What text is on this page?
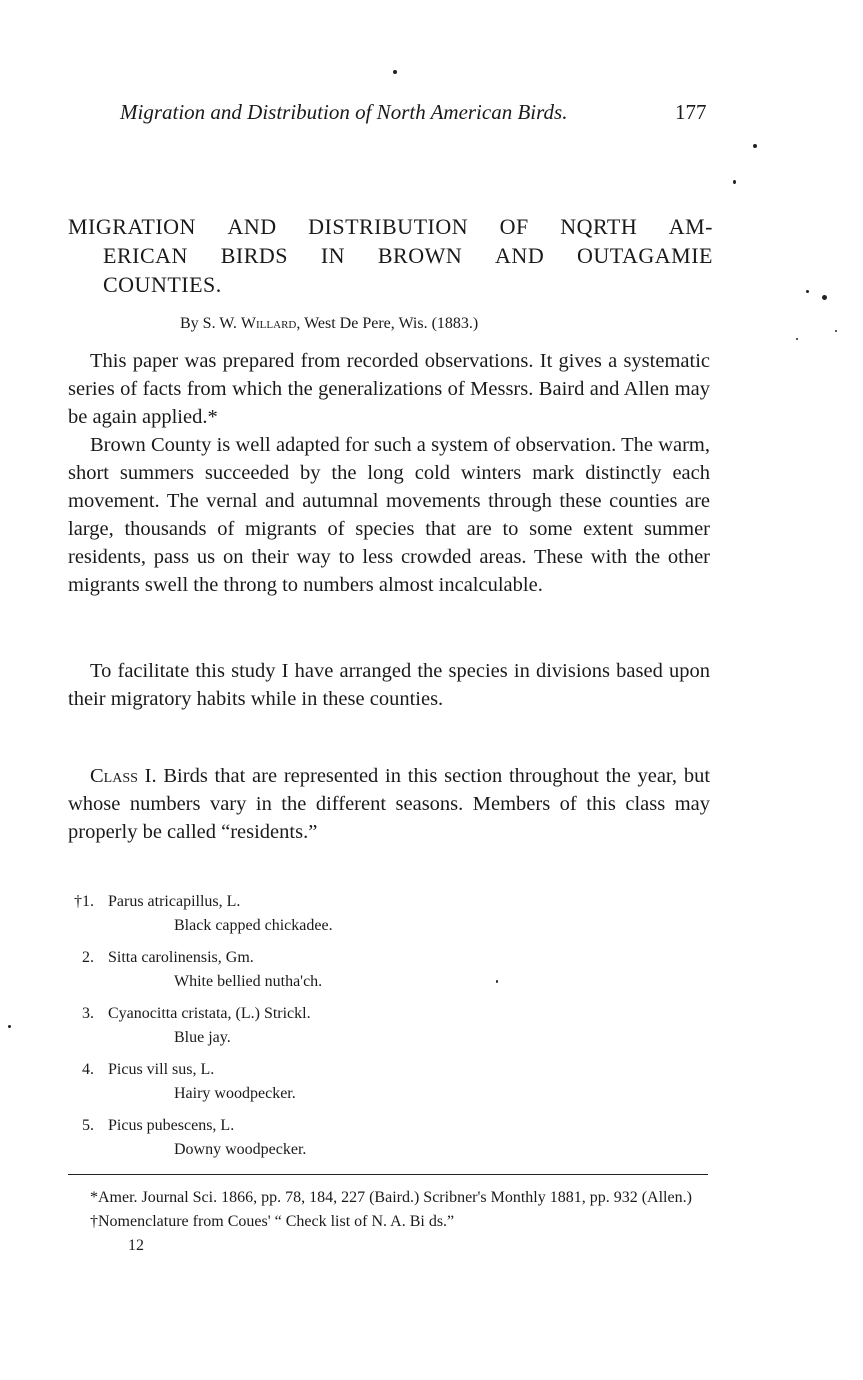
Migration and Distribution of North American Birds.	177
MIGRATION AND DISTRIBUTION OF NQRTH AM-
ERICAN BIRDS IN BROWN AND OUTAGAMIE
COUNTIES.
By S. W. Willard, West De Pere, Wis. (1883.)

This paper was prepared from recorded observations. It gives a systematic series of facts from which the generalizations of Messrs. Baird and Allen may be again applied.*

Brown County is well adapted for such a system of observation. The warm, short summers succeeded by the long cold winters mark distinctly each movement. The vernal and autumnal movements through these counties are large, thousands of migrants of species that are to some extent summer residents, pass us on their way to less crowded areas. These with the other migrants swell the throng to numbers almost incalculable.

To facilitate this study I have arranged the species in divisions based upon their migratory habits while in these counties.

Class I. Birds that are represented in this section throughout the year, but whose numbers vary in the different seasons. Members of this class may properly be called “residents.”

†1. Parus atricapillus, L.
Black capped chickadee.
2. Sitta carolinensis, Gm.
White bellied nutha'ch.
3. Cyanocitta cristata, (L.) Strickl.
Blue jay.
4. Picus vill sus, L.
Hairy woodpecker.
5. Picus pubescens, L.
Downy woodpecker.
*Amer. Journal Sci. 1866, pp. 78, 184, 227 (Baird.) Scribner's Monthly 1881, pp. 932 (Allen.)
†Nomenclature from Coues' “ Check list of N. A. Bi ds.”
12
